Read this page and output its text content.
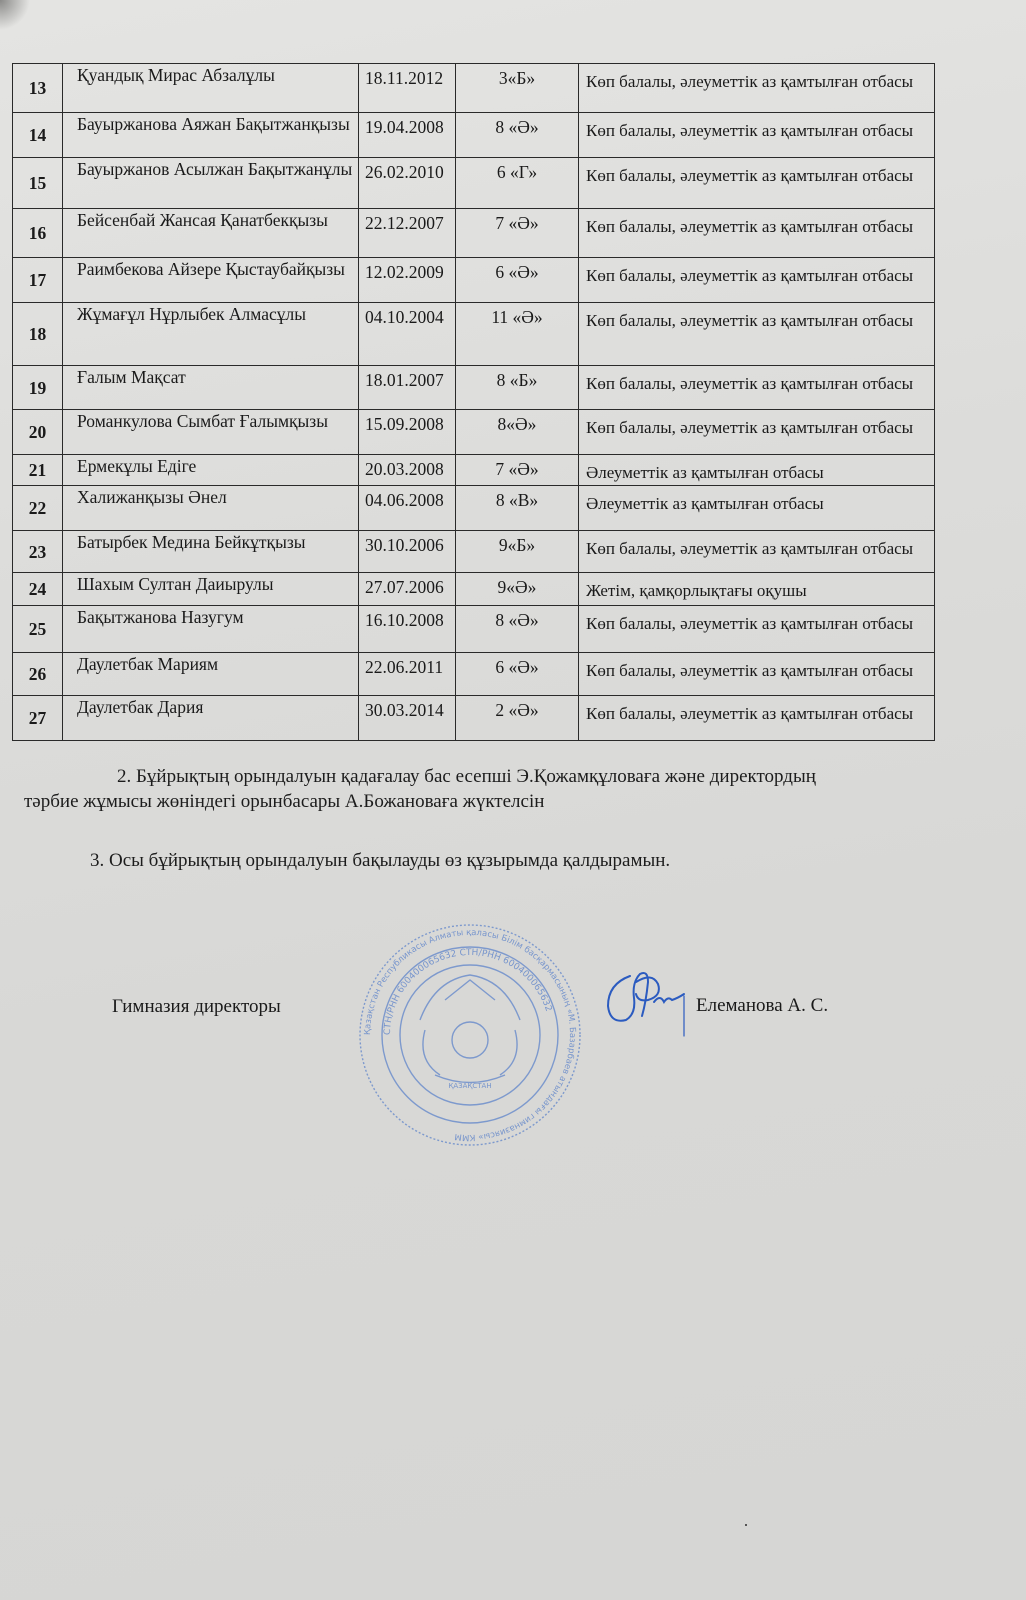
13	Қуандық Мирас Абзалұлы	18.11.2012	3«Б»	Көп балалы, әлеуметтік аз қамтылған отбасы
14	Бауыржанова Аяжан Бақытжанқызы	19.04.2008	8 «Ә»	Көп балалы, әлеуметтік аз қамтылған отбасы
15	Бауыржанов Асылжан Бақытжанұлы	26.02.2010	6 «Г»	Көп балалы, әлеуметтік аз қамтылған отбасы
16	Бейсенбай Жансая Қанатбекқызы	22.12.2007	7 «Ә»	Көп балалы, әлеуметтік аз қамтылған отбасы
17	Раимбекова Айзере Қыстаубайқызы	12.02.2009	6 «Ә»	Көп балалы, әлеуметтік аз қамтылған отбасы
18	Жұмағұл Нұрлыбек Алмасұлы	04.10.2004	11 «Ә»	Көп балалы, әлеуметтік аз қамтылған отбасы
19	Ғалым Мақсат	18.01.2007	8 «Б»	Көп балалы, әлеуметтік аз қамтылған отбасы
20	Романкулова Сымбат Ғалымқызы	15.09.2008	8«Ә»	Көп балалы, әлеуметтік аз қамтылған отбасы
21	Ермекұлы Едіге	20.03.2008	7 «Ә»	Әлеуметтік аз қамтылған отбасы
22	Халижанқызы Әнел	04.06.2008	8 «В»	Әлеуметтік аз қамтылған отбасы
23	Батырбек Медина Бейкұтқызы	30.10.2006	9«Б»	Көп балалы, әлеуметтік аз қамтылған отбасы
24	Шахым Султан Даиырулы	27.07.2006	9«Ә»	Жетім, қамқорлықтағы оқушы
25	Бақытжанова Назугум	16.10.2008	8 «Ә»	Көп балалы, әлеуметтік аз қамтылған отбасы
26	Даулетбак Мариям	22.06.2011	6 «Ә»	Көп балалы, әлеуметтік аз қамтылған отбасы
27	Даулетбак Дария	30.03.2014	2 «Ә»	Көп балалы, әлеуметтік аз қамтылған отбасы
2. Бұйрықтың орындалуын қадағалау бас есепші Э.Қожамқұловаға және директордың
тәрбие жұмысы жөніндегі орынбасары А.Божановаға жүктелсін
3. Осы бұйрықтың орындалуын бақылауды өз құзырымда қалдырамын.
Гимназия директоры
Қазақстан Республикасы Алматы қаласы Білім басқармасының «М. Базарбаев атындағы гимназиясы» КММ
СТН/РНН 600400065632 СТН/РНН 600400065632
ҚАЗАҚСТАН
Елеманова А. С.
